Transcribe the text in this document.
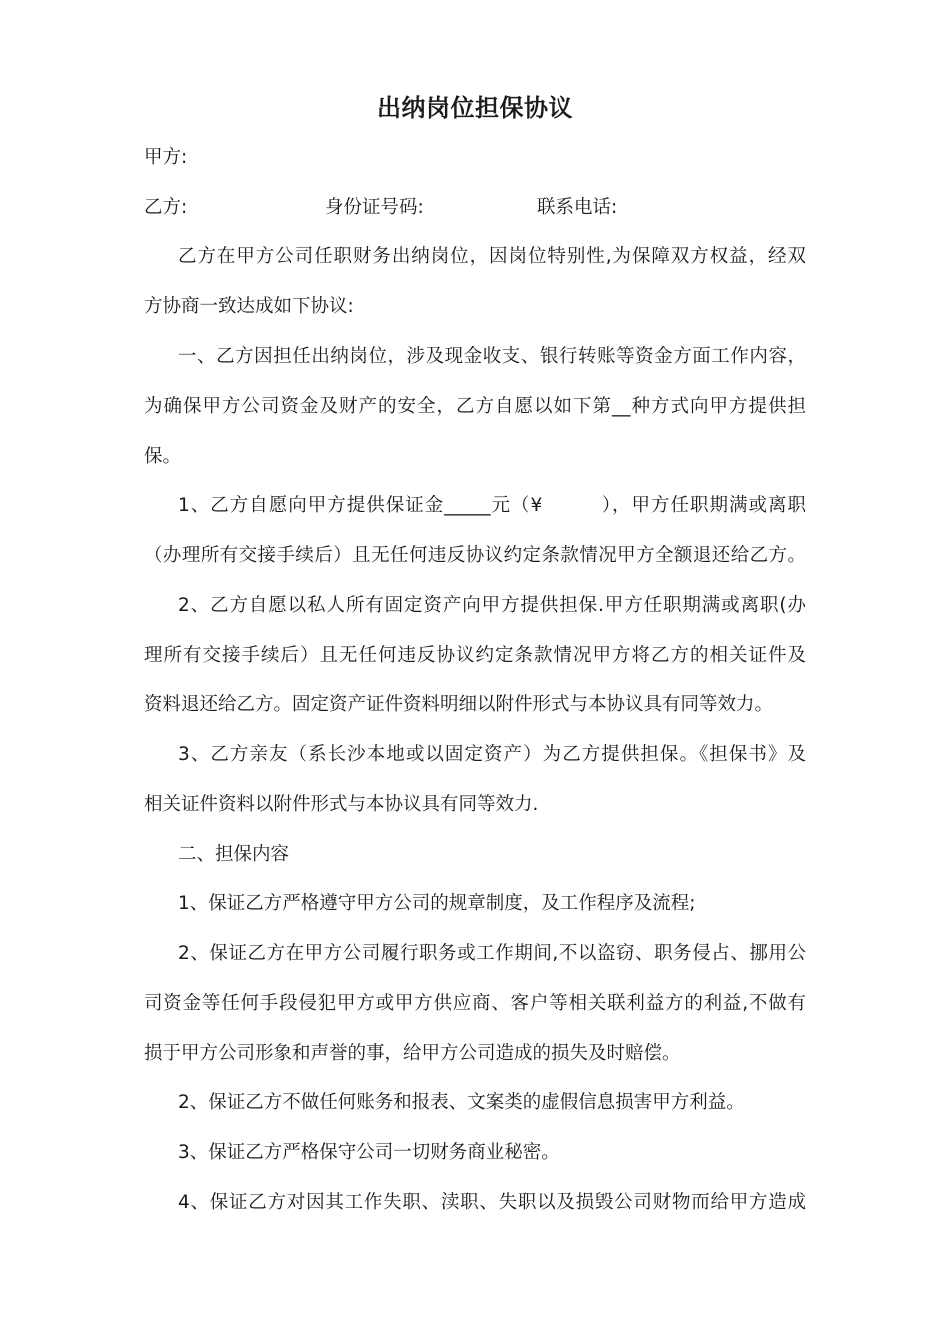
出纳岗位担保协议
甲方:
乙方:	身份证号码:	联系电话:
乙方在甲方公司任职财务出纳岗位，因岗位特别性,为保障双方权益，经双
方协商一致达成如下协议:
一、乙方因担任出纳岗位，涉及现金收支、银行转账等资金方面工作内容，
为确保甲方公司资金及财产的安全，乙方自愿以如下第__种方式向甲方提供担
保。
1、乙方自愿向甲方提供保证金_____元（¥　　　），甲方任职期满或离职
（办理所有交接手续后）且无任何违反协议约定条款情况甲方全额退还给乙方。
2、乙方自愿以私人所有固定资产向甲方提供担保.甲方任职期满或离职(办
理所有交接手续后）且无任何违反协议约定条款情况甲方将乙方的相关证件及
资料退还给乙方。固定资产证件资料明细以附件形式与本协议具有同等效力。
3、乙方亲友（系长沙本地或以固定资产）为乙方提供担保。《担保书》及
相关证件资料以附件形式与本协议具有同等效力.
二、担保内容
1、保证乙方严格遵守甲方公司的规章制度，及工作程序及流程;
2、保证乙方在甲方公司履行职务或工作期间,不以盗窃、职务侵占、挪用公
司资金等任何手段侵犯甲方或甲方供应商、客户等相关联利益方的利益,不做有
损于甲方公司形象和声誉的事，给甲方公司造成的损失及时赔偿。
2、保证乙方不做任何账务和报表、文案类的虚假信息损害甲方利益。
3、保证乙方严格保守公司一切财务商业秘密。
4、保证乙方对因其工作失职、渎职、失职以及损毁公司财物而给甲方造成
